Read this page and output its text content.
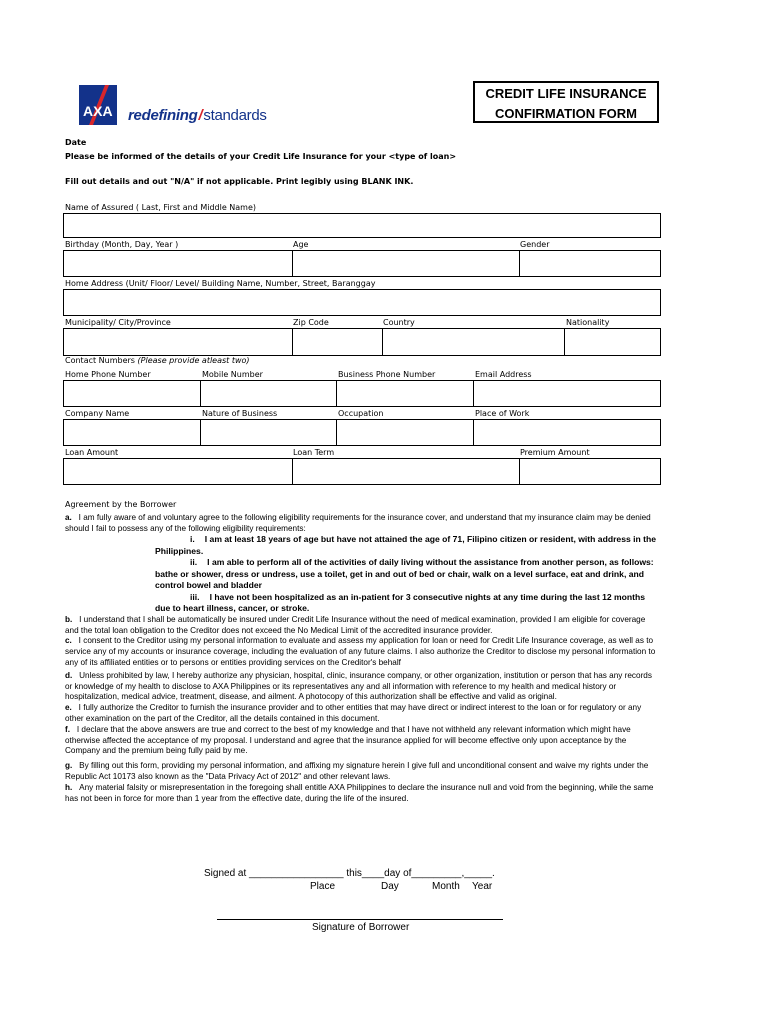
AXA redefining/standards
CREDIT LIFE INSURANCE
CONFIRMATION FORM
Date
Please be informed of the details of your Credit Life Insurance for your <type of loan>
Fill out details and out "N/A" if not applicable. Print legibly using BLANK INK.
Name of Assured ( Last, First and Middle Name)
Birthday (Month, Day, Year )	Age	Gender
Home Address (Unit/ Floor/ Level/ Building Name, Number, Street, Baranggay
Municipality/ City/Province	Zip Code	Country	Nationality
Contact Numbers (Please provide atleast two)
Home Phone Number	Mobile Number	Business Phone Number	Email Address
Company Name	Nature of Business	Occupation	Place of Work
Loan Amount	Loan Term	Premium Amount
Agreement by the Borrower

a. I am fully aware of and voluntary agree to the following eligibility requirements for the insurance cover, and understand that my insurance claim may be denied should I fail to possess any of the following eligibility requirements:

i. I am at least 18 years of age but have not attained the age of 71, Filipino citizen or resident, with address in the Philippines.
ii. I am able to perform all of the activities of daily living without the assistance from another person, as follows: bathe or shower, dress or undress, use a toilet, get in and out of bed or chair, walk on a level surface, eat and drink, and control bowel and bladder
iii. I have not been hospitalized as an in-patient for 3 consecutive nights at any time during the last 12 months due to heart illness, cancer, or stroke.

b. I understand that I shall be automatically be insured under Credit Life Insurance without the need of medical examination, provided I am eligible for coverage and the total loan obligation to the Creditor does not exceed the No Medical Limit of the accredited insurance provider.

c. I consent to the Creditor using my personal information to evaluate and assess my application for loan or need for Credit Life Insurance coverage, as well as to service any of my accounts or insurance coverage, including the evaluation of any future claims. I also authorize the Creditor to disclose my personal information to any of its affiliated entities or to persons or entities providing services on the Creditor's behalf

d. Unless prohibited by law, I hereby authorize any physician, hospital, clinic, insurance company, or other organization, institution or person that has any records or knowledge of my health to disclose to AXA Philippines or its representatives any and all information with reference to my health and medical history or hospitalization, medical advice, treatment, disease, and ailment. A photocopy of this authorization shall be effective and valid as original.

e. I fully authorize the Creditor to furnish the insurance provider and to other entities that may have direct or indirect interest to the loan or for regulatory or any other examination on the part of the Creditor, all the details contained in this document.

f. I declare that the above answers are true and correct to the best of my knowledge and that I have not withheld any relevant information which might have otherwise affected the acceptance of my proposal. I understand and agree that the insurance applied for will become effective only upon acceptance by the Company and the premium being fully paid by me.

g. By filling out this form, providing my personal information, and affixing my signature herein I give full and unconditional consent and waive my rights under the Republic Act 10173 also known as the "Data Privacy Act of 2012" and other relevant laws.

h. Any material falsity or misrepresentation in the foregoing shall entitle AXA Philippines to declare the insurance null and void from the beginning, while the same has not been in force for more than 1 year from the effective date, during the life of the insured.

Signed at _________________ this____day of_________,_____.
Place	Day	Month Year
Signature of Borrower
